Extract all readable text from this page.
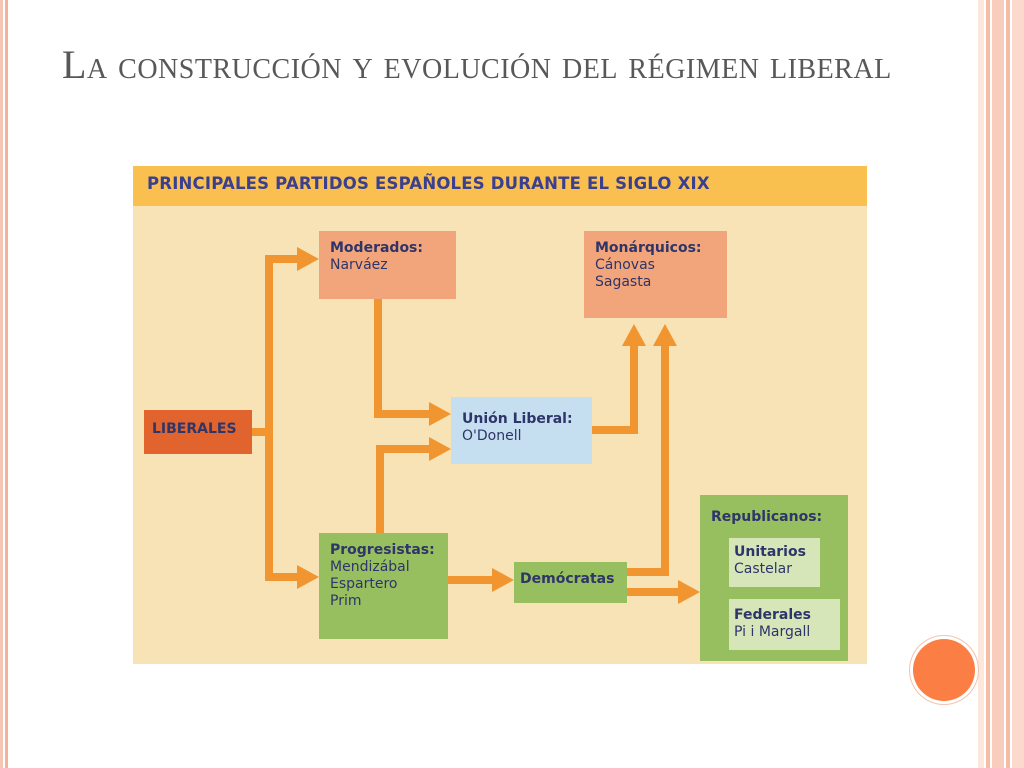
La construcción y evolución del régimen liberal
PRINCIPALES PARTIDOS ESPAÑOLES DURANTE EL SIGLO XIX
LIBERALES
Moderados:
Narváez
Monárquicos:
Cánovas
Sagasta
Unión Liberal:
O'Donell
Progresistas:
Mendizábal
Espartero
Prim
Demócratas
Republicanos:
Unitarios
Castelar
Federales
Pi i Margall
